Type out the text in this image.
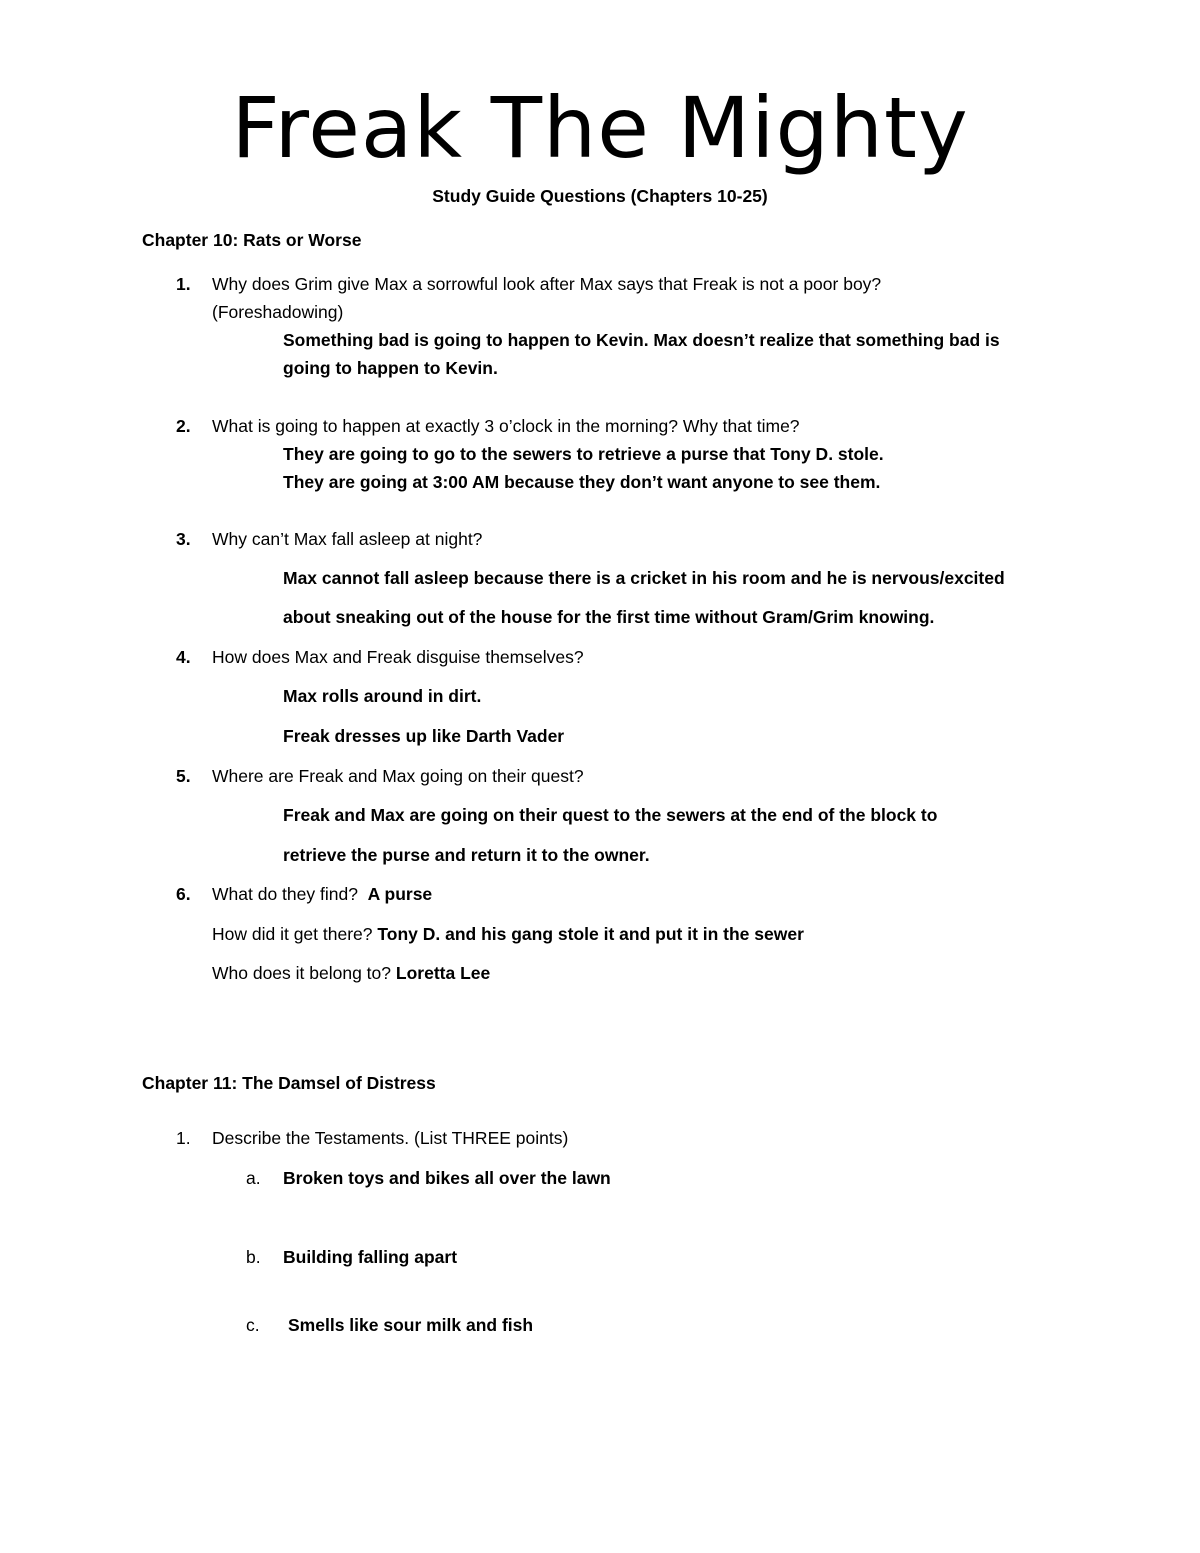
Freak The Mighty
Study Guide Questions (Chapters 10-25)
Chapter 10: Rats or Worse
1. Why does Grim give Max a sorrowful look after Max says that Freak is not a poor boy?
(Foreshadowing)
Something bad is going to happen to Kevin. Max doesn’t realize that something bad is
going to happen to Kevin.
2. What is going to happen at exactly 3 o’clock in the morning? Why that time?
They are going to go to the sewers to retrieve a purse that Tony D. stole.
They are going at 3:00 AM because they don’t want anyone to see them.
3. Why can’t Max fall asleep at night?
Max cannot fall asleep because there is a cricket in his room and he is nervous/excited
about sneaking out of the house for the first time without Gram/Grim knowing.
4. How does Max and Freak disguise themselves?
Max rolls around in dirt.
Freak dresses up like Darth Vader
5. Where are Freak and Max going on their quest?
Freak and Max are going on their quest to the sewers at the end of the block to
retrieve the purse and return it to the owner.
6. What do they find? A purse
How did it get there? Tony D. and his gang stole it and put it in the sewer
Who does it belong to? Loretta Lee
Chapter 11: The Damsel of Distress
1. Describe the Testaments. (List THREE points)
a. Broken toys and bikes all over the lawn
b. Building falling apart
c. Smells like sour milk and fish
